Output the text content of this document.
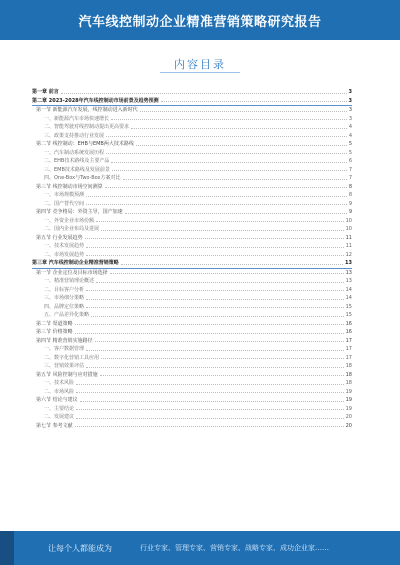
汽车线控制动企业精准营销策略研究报告
内容目录
第一章 前言	3
第二章 2023-2028年汽车线控制动市场前景及趋势预测	3
第一节 新能源汽车发展，线控制动进入新时代	3
一、新能源汽车市场快速增长	3
二、智能驾驶对线控制动提出更高要求	4
三、政策支持推动行业发展	4
第二节 线控制动：EHB与EMB两大技术路线	5
一、汽车制动系统发展历程	5
二、EHB技术路线及主要产品	6
三、EMB技术路线及发展前景	7
四、One-Box与Two-Box方案对比	7
第三节 线控制动市场空间测算	8
一、市场规模预测	8
二、国产替代空间	9
第四节 竞争格局：外资主导，国产加速	9
一、外资企业市场份额	10
二、国内企业布局及进展	10
第五节 行业发展趋势	11
一、技术发展趋势	11
二、市场发展趋势	12
第三章 汽车线控制动企业精准营销策略	13
第一节 企业定位及目标市场选择	13
一、精准营销理论概述	13
二、目标客户分析	14
三、市场细分策略	14
四、品牌定位策略	15
五、产品差异化策略	15
第二节 渠道策略	16
第三节 价格策略	16
第四节 精准营销实施路径	17
一、客户数据管理	17
二、数字化营销工具应用	17
三、营销效果评估	18
第五节 风险控制与应对措施	18
一、技术风险	18
二、市场风险	19
第六节 结论与建议	19
一、主要结论	19
二、发展建议	20
第七节 参考文献	20
让每个人都能成为	行业专家、管理专家、营销专家、战略专家、成功企业家……
